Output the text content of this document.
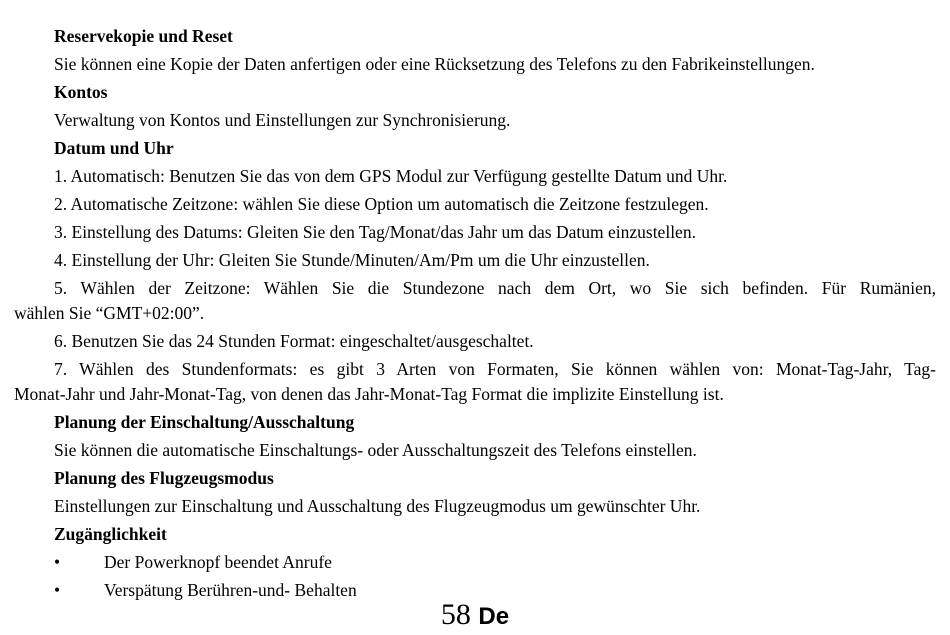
Reservekopie und Reset
Sie können eine Kopie der Daten anfertigen oder eine Rücksetzung des Telefons zu den Fabrikeinstellungen.
Kontos
Verwaltung von Kontos und Einstellungen zur Synchronisierung.
Datum und Uhr
1. Automatisch: Benutzen Sie das von dem GPS Modul zur Verfügung gestellte Datum und Uhr.
2. Automatische Zeitzone: wählen Sie diese Option um automatisch die Zeitzone festzulegen.
3. Einstellung des Datums: Gleiten Sie den Tag/Monat/das Jahr um das Datum einzustellen.
4. Einstellung der Uhr: Gleiten Sie Stunde/Minuten/Am/Pm um die Uhr einzustellen.
5. Wählen der Zeitzone: Wählen Sie die Stundezone nach dem Ort, wo Sie sich befinden. Für Rumänien,
wählen Sie “GMT+02:00”.
6. Benutzen Sie das 24 Stunden Format: eingeschaltet/ausgeschaltet.
7. Wählen des Stundenformats: es gibt 3 Arten von Formaten, Sie können wählen von: Monat-Tag-Jahr, Tag-
Monat-Jahr und Jahr-Monat-Tag, von denen das Jahr-Monat-Tag Format die implizite Einstellung ist.
Planung der Einschaltung/Ausschaltung
Sie können die automatische Einschaltungs- oder Ausschaltungszeit des Telefons einstellen.
Planung des Flugzeugsmodus
Einstellungen zur Einschaltung und Ausschaltung des Flugzeugmodus um gewünschter Uhr.
Zugänglichkeit
•	Der Powerknopf beendet Anrufe
•	Verspätung Berühren-und- Behalten
58 De
